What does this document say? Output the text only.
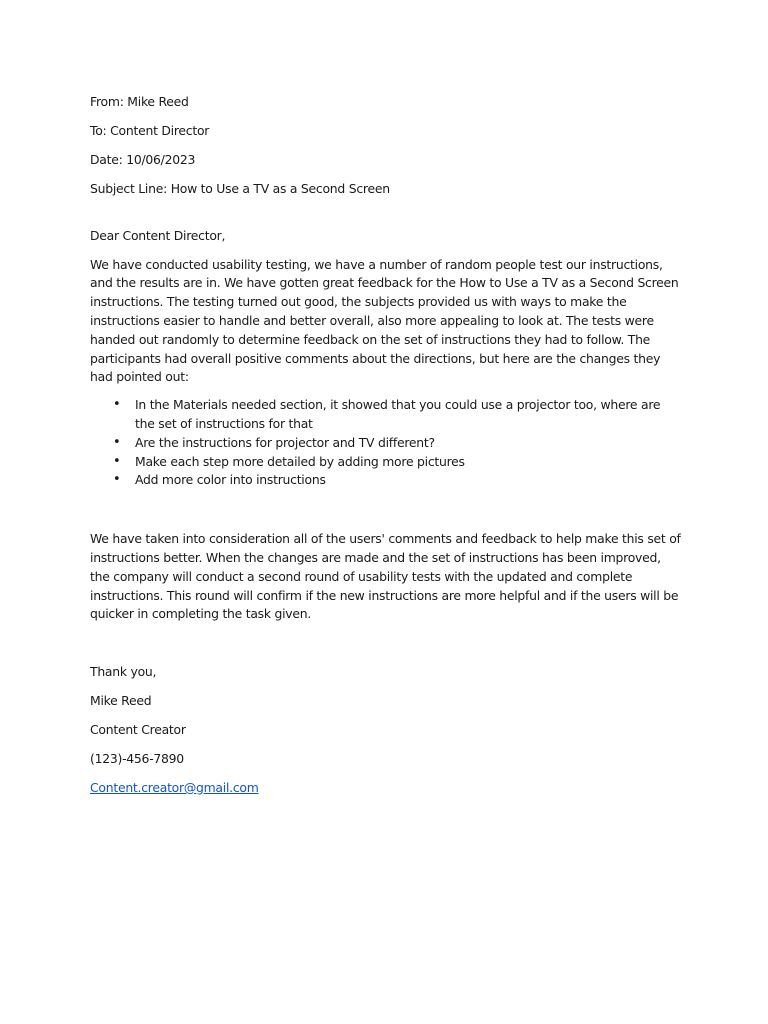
From: Mike Reed

To: Content Director

Date: 10/06/2023

Subject Line: How to Use a TV as a Second Screen

Dear Content Director,

We have conducted usability testing, we have a number of random people test our instructions, and the results are in. We have gotten great feedback for the How to Use a TV as a Second Screen instructions. The testing turned out good, the subjects provided us with ways to make the instructions easier to handle and better overall, also more appealing to look at. The tests were handed out randomly to determine feedback on the set of instructions they had to follow. The participants had overall positive comments about the directions, but here are the changes they had pointed out:

• In the Materials needed section, it showed that you could use a projector too, where are the set of instructions for that
• Are the instructions for projector and TV different?
• Make each step more detailed by adding more pictures
• Add more color into instructions

We have taken into consideration all of the users' comments and feedback to help make this set of instructions better. When the changes are made and the set of instructions has been improved, the company will conduct a second round of usability tests with the updated and complete instructions. This round will confirm if the new instructions are more helpful and if the users will be quicker in completing the task given.

Thank you,

Mike Reed

Content Creator

(123)-456-7890

Content.creator@gmail.com
